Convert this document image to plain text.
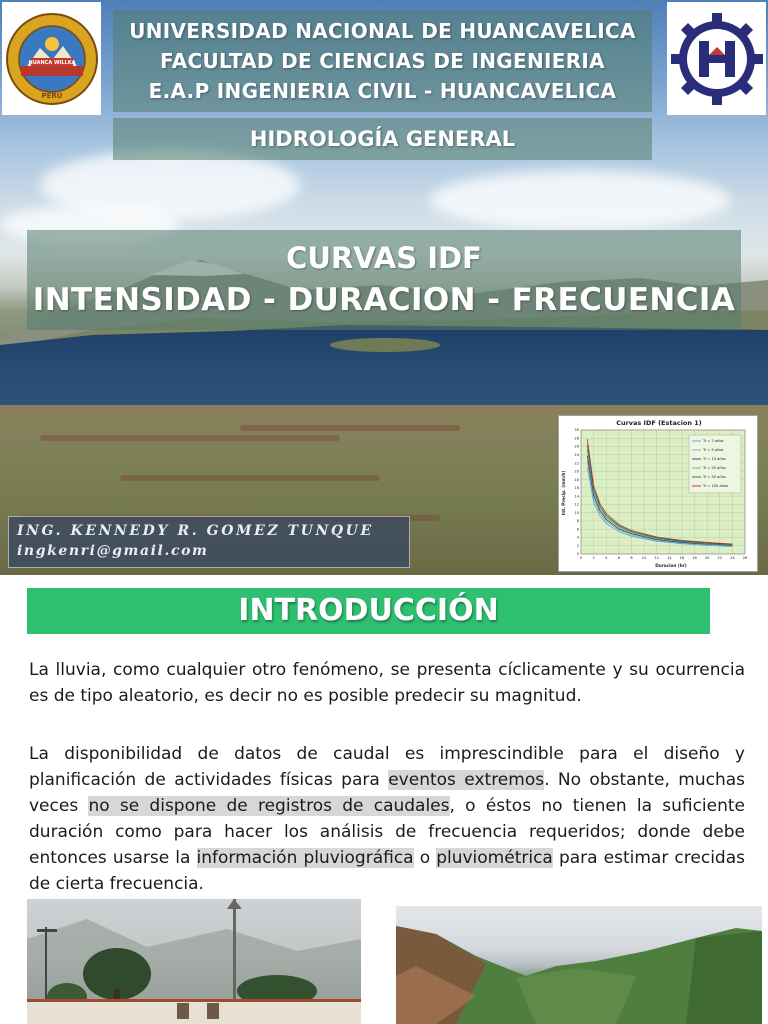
HUANCA WILLKA
PERÚ
UNIVERSIDAD NACIONAL DE HUANCAVELICA
FACULTAD DE CIENCIAS DE INGENIERIA
E.A.P INGENIERIA CIVIL - HUANCAVELICA
HIDROLOGÍA GENERAL
CURVAS IDF
INTENSIDAD - DURACION - FRECUENCIA
ING. KENNEDY R. GOMEZ TUNQUE
ingkenri@gmail.com
Curvas IDF (Estacion 1)
Int. Precip. (mm/h)
Duracion (hr)
0	2	4	6	8	10 12 14 16 18 20 22 24 26
0
2
4
6
8
10
12
14
16
18
20
22
24
26
28
30
Tr = 2 años
Tr = 5 años
Tr = 10 años
Tr = 25 años
Tr = 50 años
Tr = 100 años
INTRODUCCIÓN

La lluvia, como cualquier otro fenómeno, se presenta cíclicamente y su ocurrencia es de tipo aleatorio, es decir no es posible predecir su magnitud.

La disponibilidad de datos de caudal es imprescindible para el diseño y planificación de actividades físicas para eventos extremos. No obstante, muchas veces no se dispone de registros de caudales, o éstos no tienen la suficiente duración como para hacer los análisis de frecuencia requeridos; donde debe entonces usarse la información pluviográfica o pluviométrica para estimar crecidas de cierta frecuencia.
